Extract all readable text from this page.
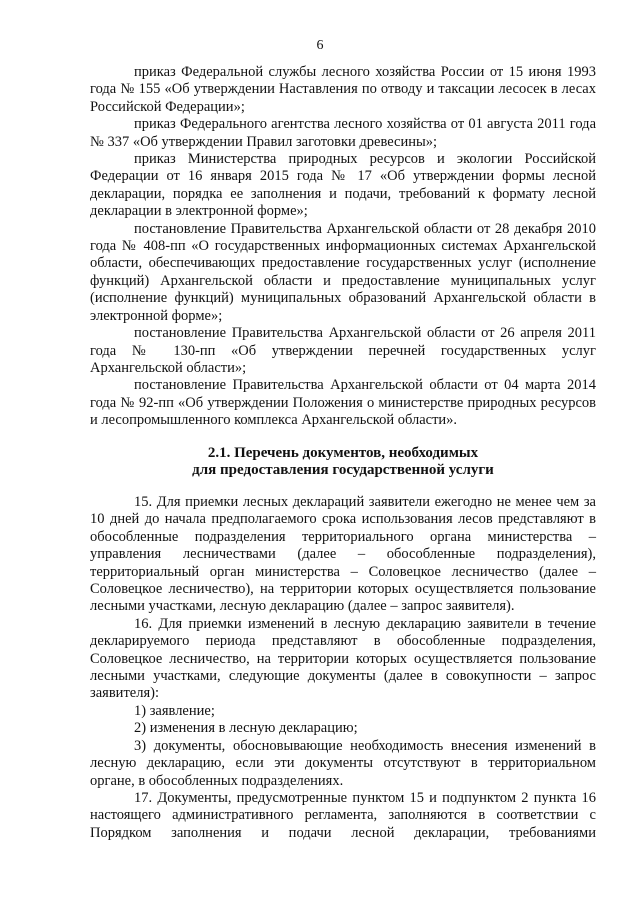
6

приказ Федеральной службы лесного хозяйства России от 15 июня 1993 года № 155 «Об утверждении Наставления по отводу и таксации лесосек в лесах Российской Федерации»;

приказ Федерального агентства лесного хозяйства от 01 августа 2011 года № 337 «Об утверждении Правил заготовки древесины»;

приказ Министерства природных ресурсов и экологии Российской Федерации от 16 января 2015 года № 17 «Об утверждении формы лесной декларации, порядка ее заполнения и подачи, требований к формату лесной декларации в электронной форме»;

постановление Правительства Архангельской области от 28 декабря 2010 года № 408-пп «О государственных информационных системах Архангельской области, обеспечивающих предоставление государственных услуг (исполнение функций) Архангельской области и предоставление муниципальных услуг (исполнение функций) муниципальных образований Архангельской области в электронной форме»;

постановление Правительства Архангельской области от 26 апреля 2011 года № 130-пп «Об утверждении перечней государственных услуг Архангельской области»;

постановление Правительства Архангельской области от 04 марта 2014 года № 92-пп «Об утверждении Положения о министерстве природных ресурсов и лесопромышленного комплекса Архангельской области».

2.1. Перечень документов, необходимых
для предоставления государственной услуги

15. Для приемки лесных деклараций заявители ежегодно не менее чем за 10 дней до начала предполагаемого срока использования лесов представляют в обособленные подразделения территориального органа министерства – управления лесничествами (далее – обособленные подразделения), территориальный орган министерства – Соловецкое лесничество (далее – Соловецкое лесничество), на территории которых осуществляется пользование лесными участками, лесную декларацию (далее – запрос заявителя).

16. Для приемки изменений в лесную декларацию заявители в течение декларируемого периода представляют в обособленные подразделения, Соловецкое лесничество, на территории которых осуществляется пользование лесными участками, следующие документы (далее в совокупности – запрос заявителя):

1) заявление;

2) изменения в лесную декларацию;

3) документы, обосновывающие необходимость внесения изменений в лесную декларацию, если эти документы отсутствуют в территориальном органе, в обособленных подразделениях.

17. Документы, предусмотренные пунктом 15 и подпунктом 2 пункта 16 настоящего административного регламента, заполняются в соответствии с Порядком заполнения и подачи лесной декларации, требованиями
